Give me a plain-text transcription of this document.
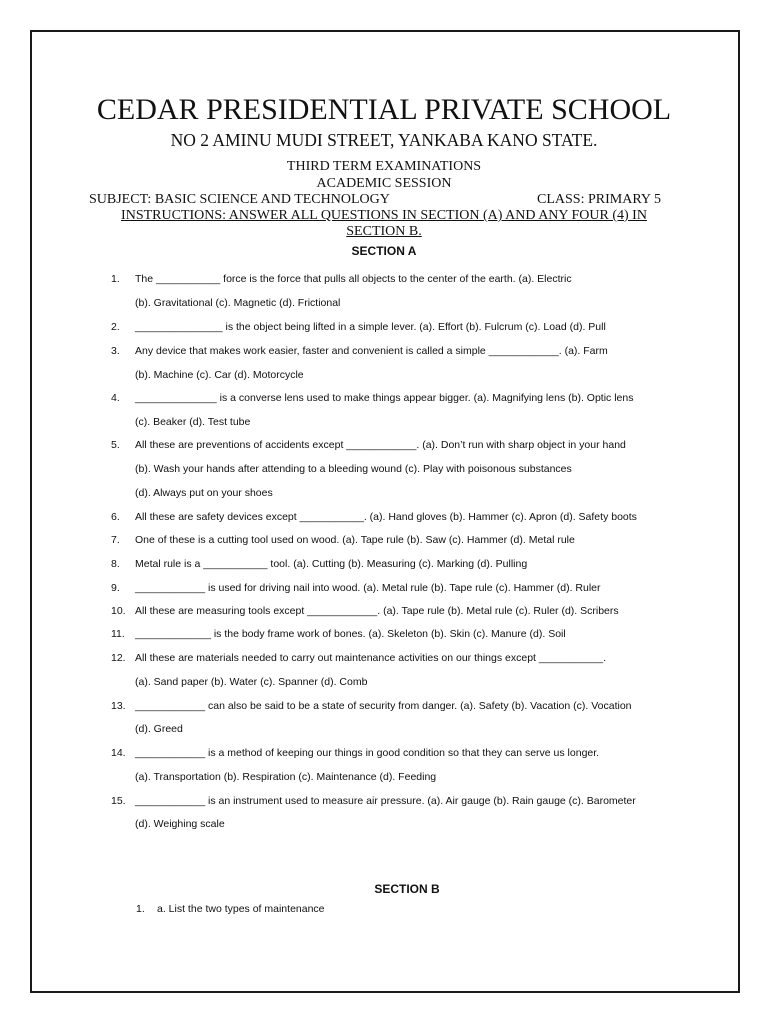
CEDAR PRESIDENTIAL PRIVATE SCHOOL
NO 2 AMINU MUDI STREET, YANKABA KANO STATE.
THIRD TERM EXAMINATIONS
ACADEMIC SESSION
SUBJECT: BASIC SCIENCE AND TECHNOLOGY	CLASS: PRIMARY 5
INSTRUCTIONS: ANSWER ALL QUESTIONS IN SECTION (A) AND ANY FOUR (4) IN
SECTION B.
SECTION A
1. The ___________ force is the force that pulls all objects to the center of the earth. (a). Electric
(b). Gravitational (c). Magnetic (d). Frictional
2. _______________ is the object being lifted in a simple lever. (a). Effort (b). Fulcrum (c). Load (d). Pull
3. Any device that makes work easier, faster and convenient is called a simple ____________. (a). Farm
(b). Machine (c). Car (d). Motorcycle
4. ______________ is a converse lens used to make things appear bigger. (a). Magnifying lens (b). Optic lens
(c). Beaker (d). Test tube
5. All these are preventions of accidents except ____________. (a). Don’t run with sharp object in your hand
(b). Wash your hands after attending to a bleeding wound (c). Play with poisonous substances
(d). Always put on your shoes
6. All these are safety devices except ___________. (a). Hand gloves (b). Hammer (c). Apron (d). Safety boots
7. One of these is a cutting tool used on wood. (a). Tape rule (b). Saw (c). Hammer (d). Metal rule
8. Metal rule is a ___________ tool. (a). Cutting (b). Measuring (c). Marking (d). Pulling
9. ____________ is used for driving nail into wood. (a). Metal rule (b). Tape rule (c). Hammer (d). Ruler
10. All these are measuring tools except ____________. (a). Tape rule (b). Metal rule (c). Ruler (d). Scribers
11. _____________ is the body frame work of bones. (a). Skeleton (b). Skin (c). Manure (d). Soil
12. All these are materials needed to carry out maintenance activities on our things except ___________.
(a). Sand paper (b). Water (c). Spanner (d). Comb
13. ____________ can also be said to be a state of security from danger. (a). Safety (b). Vacation (c). Vocation
(d). Greed
14. ____________ is a method of keeping our things in good condition so that they can serve us longer.
(a). Transportation (b). Respiration (c). Maintenance (d). Feeding
15. ____________ is an instrument used to measure air pressure. (a). Air gauge (b). Rain gauge (c). Barometer
(d). Weighing scale
SECTION B
1. a. List the two types of maintenance
